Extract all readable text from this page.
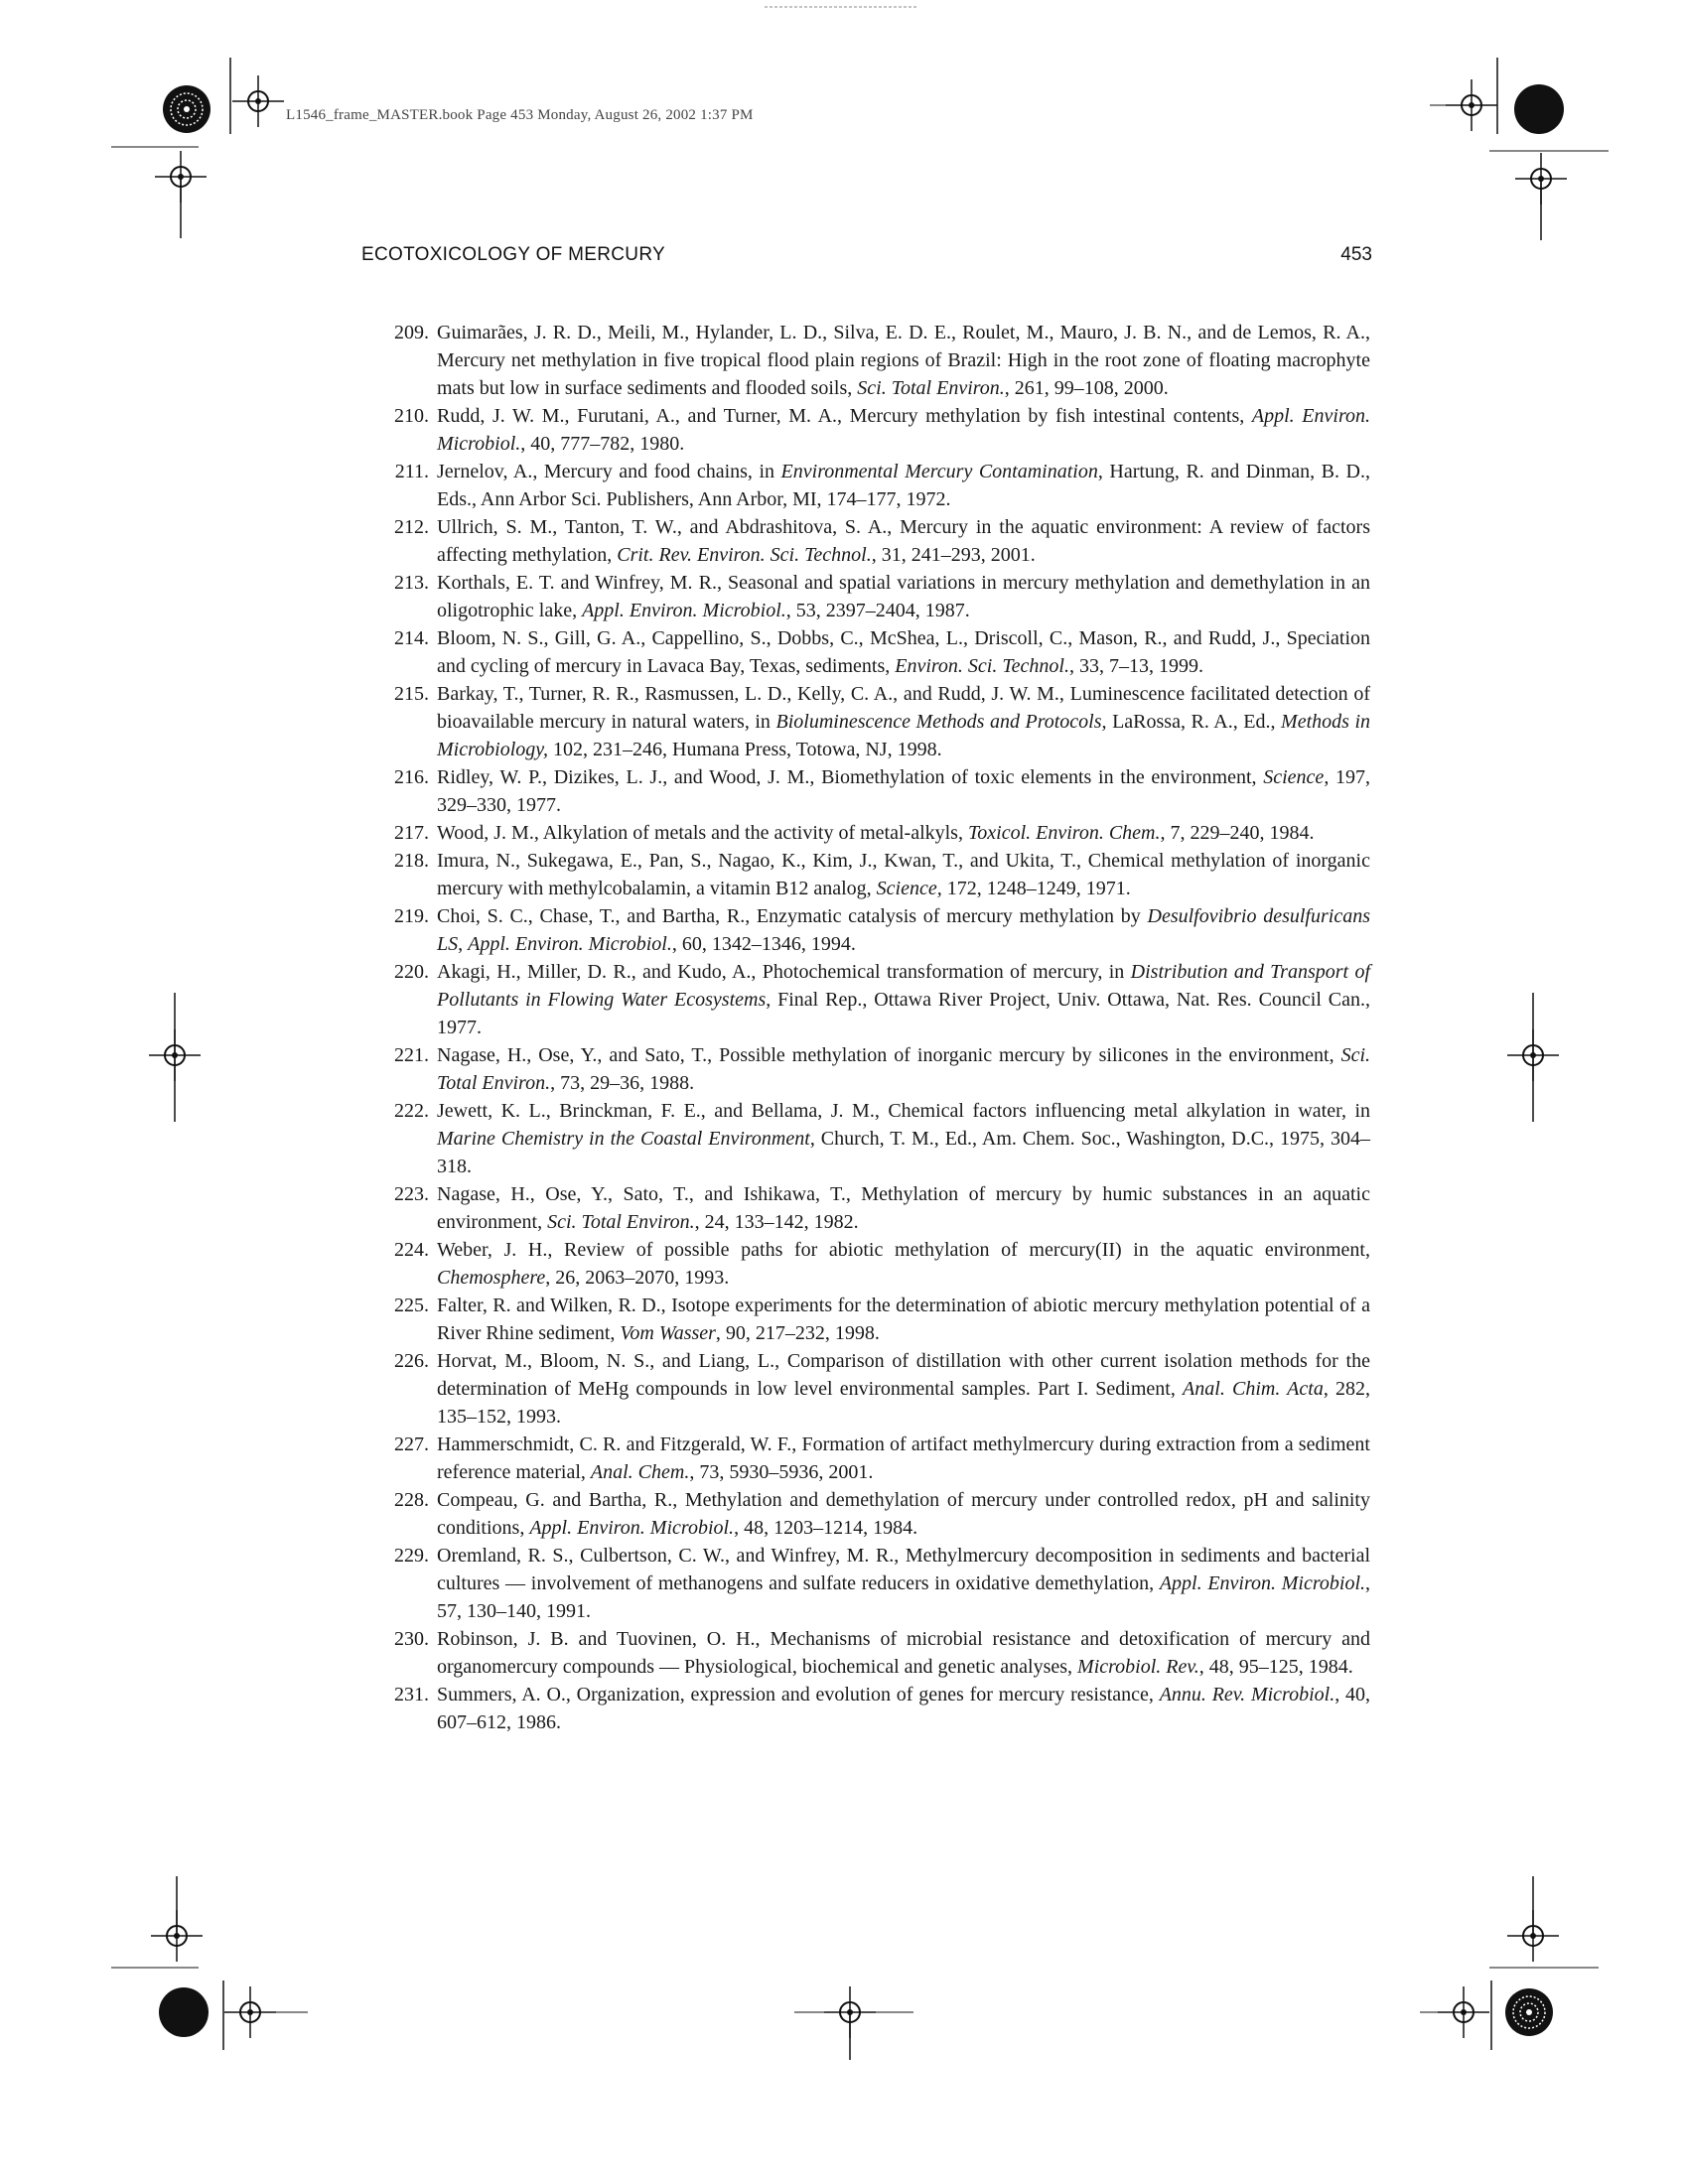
L1546_frame_MASTER.book Page 453 Monday, August 26, 2002 1:37 PM
ECOTOXICOLOGY OF MERCURY	453
209. Guimarães, J. R. D., Meili, M., Hylander, L. D., Silva, E. D. E., Roulet, M., Mauro, J. B. N., and de Lemos, R. A., Mercury net methylation in five tropical flood plain regions of Brazil: High in the root zone of floating macrophyte mats but low in surface sediments and flooded soils, Sci. Total Environ., 261, 99–108, 2000.
210. Rudd, J. W. M., Furutani, A., and Turner, M. A., Mercury methylation by fish intestinal contents, Appl. Environ. Microbiol., 40, 777–782, 1980.
211. Jernelov, A., Mercury and food chains, in Environmental Mercury Contamination, Hartung, R. and Dinman, B. D., Eds., Ann Arbor Sci. Publishers, Ann Arbor, MI, 174–177, 1972.
212. Ullrich, S. M., Tanton, T. W., and Abdrashitova, S. A., Mercury in the aquatic environment: A review of factors affecting methylation, Crit. Rev. Environ. Sci. Technol., 31, 241–293, 2001.
213. Korthals, E. T. and Winfrey, M. R., Seasonal and spatial variations in mercury methylation and demethylation in an oligotrophic lake, Appl. Environ. Microbiol., 53, 2397–2404, 1987.
214. Bloom, N. S., Gill, G. A., Cappellino, S., Dobbs, C., McShea, L., Driscoll, C., Mason, R., and Rudd, J., Speciation and cycling of mercury in Lavaca Bay, Texas, sediments, Environ. Sci. Technol., 33, 7–13, 1999.
215. Barkay, T., Turner, R. R., Rasmussen, L. D., Kelly, C. A., and Rudd, J. W. M., Luminescence facilitated detection of bioavailable mercury in natural waters, in Bioluminescence Methods and Protocols, LaRossa, R. A., Ed., Methods in Microbiology, 102, 231–246, Humana Press, Totowa, NJ, 1998.
216. Ridley, W. P., Dizikes, L. J., and Wood, J. M., Biomethylation of toxic elements in the environment, Science, 197, 329–330, 1977.
217. Wood, J. M., Alkylation of metals and the activity of metal-alkyls, Toxicol. Environ. Chem., 7, 229–240, 1984.
218. Imura, N., Sukegawa, E., Pan, S., Nagao, K., Kim, J., Kwan, T., and Ukita, T., Chemical methylation of inorganic mercury with methylcobalamin, a vitamin B12 analog, Science, 172, 1248–1249, 1971.
219. Choi, S. C., Chase, T., and Bartha, R., Enzymatic catalysis of mercury methylation by Desulfovibrio desulfuricans LS, Appl. Environ. Microbiol., 60, 1342–1346, 1994.
220. Akagi, H., Miller, D. R., and Kudo, A., Photochemical transformation of mercury, in Distribution and Transport of Pollutants in Flowing Water Ecosystems, Final Rep., Ottawa River Project, Univ. Ottawa, Nat. Res. Council Can., 1977.
221. Nagase, H., Ose, Y., and Sato, T., Possible methylation of inorganic mercury by silicones in the environment, Sci. Total Environ., 73, 29–36, 1988.
222. Jewett, K. L., Brinckman, F. E., and Bellama, J. M., Chemical factors influencing metal alkylation in water, in Marine Chemistry in the Coastal Environment, Church, T. M., Ed., Am. Chem. Soc., Washington, D.C., 1975, 304–318.
223. Nagase, H., Ose, Y., Sato, T., and Ishikawa, T., Methylation of mercury by humic substances in an aquatic environment, Sci. Total Environ., 24, 133–142, 1982.
224. Weber, J. H., Review of possible paths for abiotic methylation of mercury(II) in the aquatic environment, Chemosphere, 26, 2063–2070, 1993.
225. Falter, R. and Wilken, R. D., Isotope experiments for the determination of abiotic mercury methylation potential of a River Rhine sediment, Vom Wasser, 90, 217–232, 1998.
226. Horvat, M., Bloom, N. S., and Liang, L., Comparison of distillation with other current isolation methods for the determination of MeHg compounds in low level environmental samples. Part I. Sediment, Anal. Chim. Acta, 282, 135–152, 1993.
227. Hammerschmidt, C. R. and Fitzgerald, W. F., Formation of artifact methylmercury during extraction from a sediment reference material, Anal. Chem., 73, 5930–5936, 2001.
228. Compeau, G. and Bartha, R., Methylation and demethylation of mercury under controlled redox, pH and salinity conditions, Appl. Environ. Microbiol., 48, 1203–1214, 1984.
229. Oremland, R. S., Culbertson, C. W., and Winfrey, M. R., Methylmercury decomposition in sediments and bacterial cultures — involvement of methanogens and sulfate reducers in oxidative demethylation, Appl. Environ. Microbiol., 57, 130–140, 1991.
230. Robinson, J. B. and Tuovinen, O. H., Mechanisms of microbial resistance and detoxification of mercury and organomercury compounds — Physiological, biochemical and genetic analyses, Microbiol. Rev., 48, 95–125, 1984.
231. Summers, A. O., Organization, expression and evolution of genes for mercury resistance, Annu. Rev. Microbiol., 40, 607–612, 1986.
